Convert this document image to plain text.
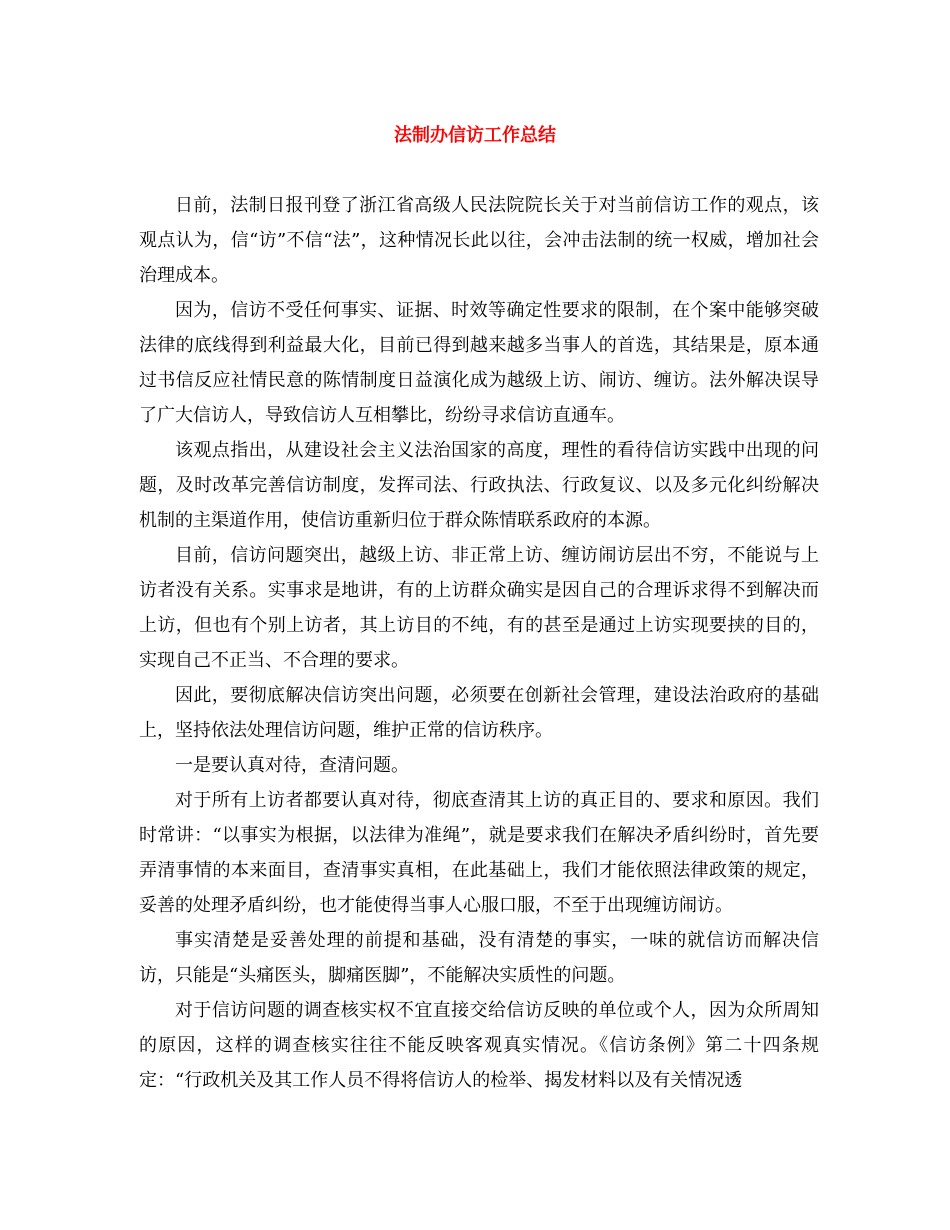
法制办信访工作总结

日前，法制日报刊登了浙江省高级人民法院院长关于对当前信访工作的观点，该观点认为，信“访”不信“法”，这种情况长此以往，会冲击法制的统一权威，增加社会治理成本。

因为，信访不受任何事实、证据、时效等确定性要求的限制，在个案中能够突破法律的底线得到利益最大化，目前已得到越来越多当事人的首选，其结果是，原本通过书信反应社情民意的陈情制度日益演化成为越级上访、闹访、缠访。法外解决误导了广大信访人，导致信访人互相攀比，纷纷寻求信访直通车。

该观点指出，从建设社会主义法治国家的高度，理性的看待信访实践中出现的问题，及时改革完善信访制度，发挥司法、行政执法、行政复议、以及多元化纠纷解决机制的主渠道作用，使信访重新归位于群众陈情联系政府的本源。

目前，信访问题突出，越级上访、非正常上访、缠访闹访层出不穷，不能说与上访者没有关系。实事求是地讲，有的上访群众确实是因自己的合理诉求得不到解决而上访，但也有个别上访者，其上访目的不纯，有的甚至是通过上访实现要挟的目的，实现自己不正当、不合理的要求。

因此，要彻底解决信访突出问题，必须要在创新社会管理，建设法治政府的基础上，坚持依法处理信访问题，维护正常的信访秩序。

一是要认真对待，查清问题。

对于所有上访者都要认真对待，彻底查清其上访的真正目的、要求和原因。我们时常讲：“以事实为根据，以法律为准绳”，就是要求我们在解决矛盾纠纷时，首先要弄清事情的本来面目，查清事实真相，在此基础上，我们才能依照法律政策的规定，妥善的处理矛盾纠纷，也才能使得当事人心服口服，不至于出现缠访闹访。

事实清楚是妥善处理的前提和基础，没有清楚的事实，一味的就信访而解决信访，只能是“头痛医头，脚痛医脚”，不能解决实质性的问题。

对于信访问题的调查核实权不宜直接交给信访反映的单位或个人，因为众所周知的原因，这样的调查核实往往不能反映客观真实情况。《信访条例》第二十四条规定：“行政机关及其工作人员不得将信访人的检举、揭发材料以及有关情况透
